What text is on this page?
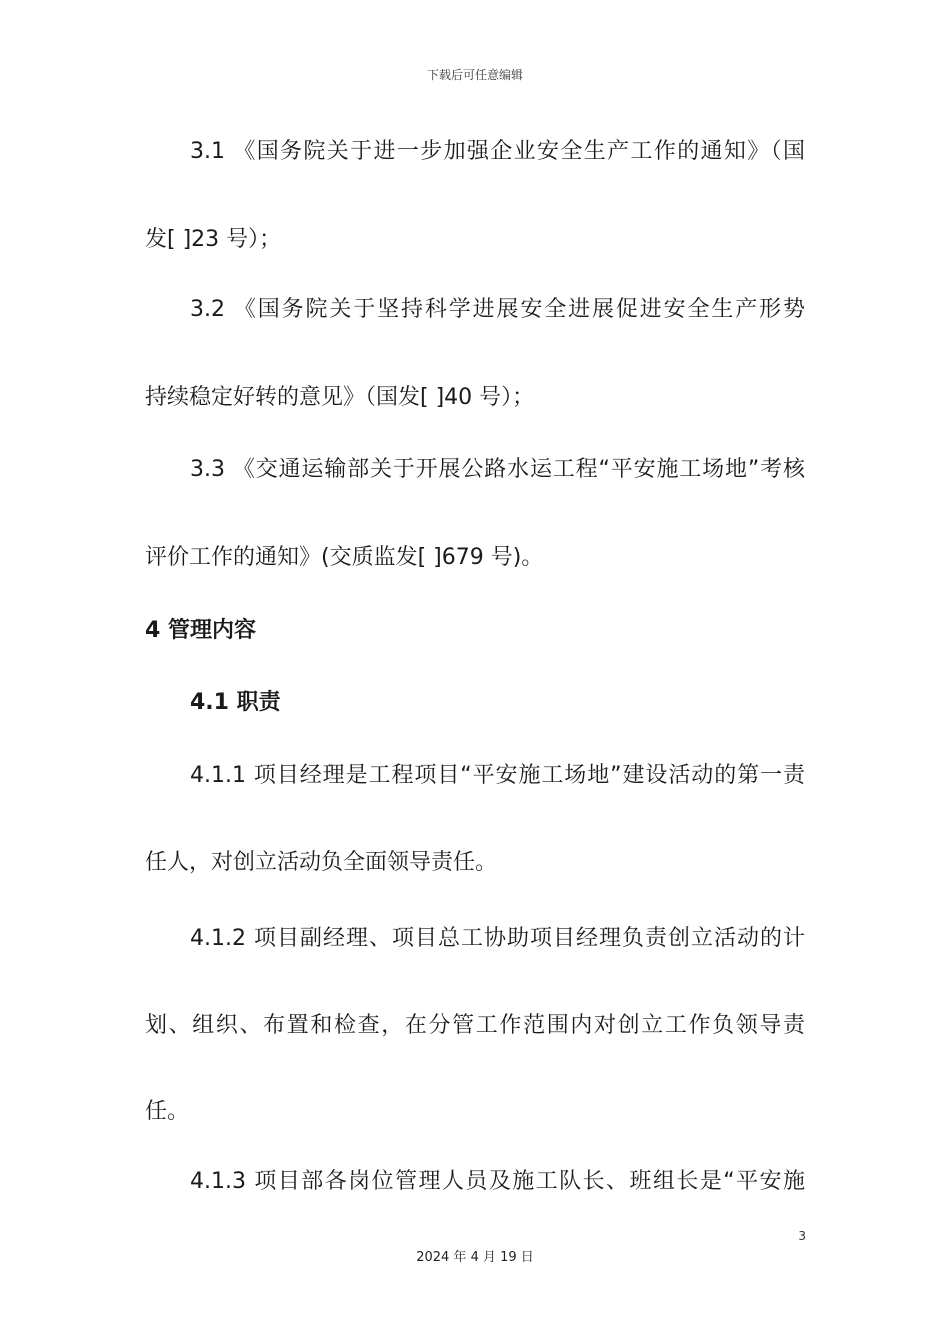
下载后可任意编辑
3.1 《国务院关于进一步加强企业安全生产工作的通知》（国
发[ ]23 号）；
3.2 《国务院关于坚持科学进展安全进展促进安全生产形势
持续稳定好转的意见》（国发[ ]40 号）；
3.3 《交通运输部关于开展公路水运工程“平安施工场地”考核
评价工作的通知》(交质监发[ ]679 号)。
4 管理内容
4.1 职责
4.1.1 项目经理是工程项目“平安施工场地”建设活动的第一责
任人，对创立活动负全面领导责任。
4.1.2 项目副经理、项目总工协助项目经理负责创立活动的计
划、组织、布置和检查，在分管工作范围内对创立工作负领导责
任。
4.1.3 项目部各岗位管理人员及施工队长、班组长是“平安施
3
2024 年 4 月 19 日
